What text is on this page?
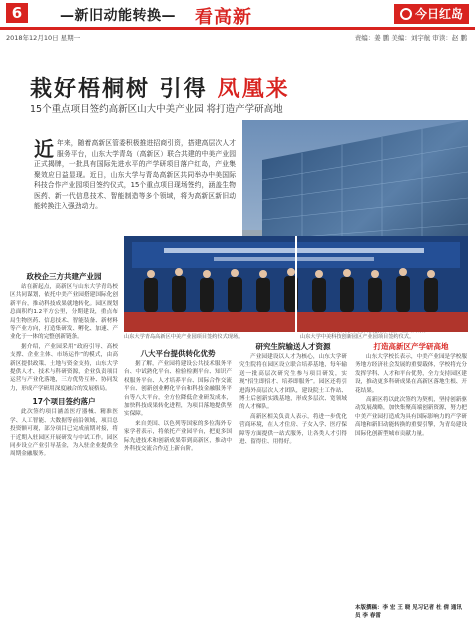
6	—新旧动能转换— 看高新	今日红岛
2018年12月10日 星期一	责编：姜 鹏 美编：刘宇航 审读：赵 鹏
栽好梧桐树 引得 凤凰来
15个重点项目签约高新区山大中美产业园 将打造产学研高地
近 年来，随着高新区管委积极推进招商引资，搭建高层次人才服务平台，山东大学青岛（高新区）联合共建的中美产业园正式揭牌，一批具有国际先进水平的产学研项目落户红岛，产业集聚效应日益显现。近日，山东大学与青岛高新区共同举办中美国际科技合作产业园项目签约仪式，15个重点项目现场签约，涵盖生物医药、新一代信息技术、智能制造等多个领域，将为高新区新旧动能转换注入强劲动力。
山东大学青岛高新区中美产业园项目签约仪式现场。	山东大学中美科技创新园区产业园项目签约仪式。

政校企三方共建产业园

站在新起点，高新区与山东大学青岛校区共同谋划，依托中美产业园搭建国际化创新平台，推动科技成果就地转化。园区规划总面积约1.2平方公里，分期建设，重点布局生物医药、信息技术、智能装备、新材料等产业方向，打造集研发、孵化、加速、产业化于一体的完整创新链条。

据介绍，产业园采用“政府引导、高校支撑、企业主体、市场运作”的模式，由高新区提供政策、土地与资金支持，山东大学提供人才、技术与科研资源，企业负责项目运营与产业化落地，三方优势互补、协同发力，形成产学研用深度融合的发展格局。

17个项目签约落户

此次签约项目涵盖医疗器械、精准医学、人工智能、大数据等前沿领域，项目总投资额可观，部分项目已完成前期对接，将于近期入驻园区开展研发与中试工作。园区同步设立产业引导基金，为入驻企业提供全周期金融服务。

八大平台提供转化优势

据了解，产业园将建设公共技术服务平台、中试熟化平台、检验检测平台、知识产权服务平台、人才培养平台、国际合作交流平台、创新创业孵化平台和科技金融服务平台等八大平台，全方位降低企业研发成本，加快科技成果转化进程，为项目落地提供坚实保障。

来自美国、以色列等国家的多位海外专家学者表示，将依托产业园平台，把更多国际先进技术和创新成果带到高新区，推动中外科技交流合作迈上新台阶。

研究生院输送人才资源

产业园建设以人才为核心，山东大学研究生院将在园区设立联合培养基地，每年输送一批高层次研究生参与项目研发，实现“招生即招才、培养即服务”。园区还将引进海外高层次人才团队，建设院士工作站、博士后创新实践基地，形成多层次、宽领域的人才梯队。

高新区相关负责人表示，将进一步优化营商环境，在人才住房、子女入学、医疗保障等方面提供一站式服务，让各类人才引得进、留得住、用得好。

打造高新区产学研高地

山东大学校长表示，中美产业园是学校服务地方经济社会发展的重要载体，学校将充分发挥学科、人才和平台优势，全力支持园区建设，推动更多科研成果在高新区落地生根、开花结果。

高新区将以此次签约为契机，坚持创新驱动发展战略，加快集聚高端创新资源，努力把中美产业园打造成为具有国际影响力的产学研高地和新旧动能转换的重要引擎，为青岛建设国际化创新型城市贡献力量。

本版撰稿：李 宏 王 晓 见习记者 杜 倩 通讯员 李 春雷
